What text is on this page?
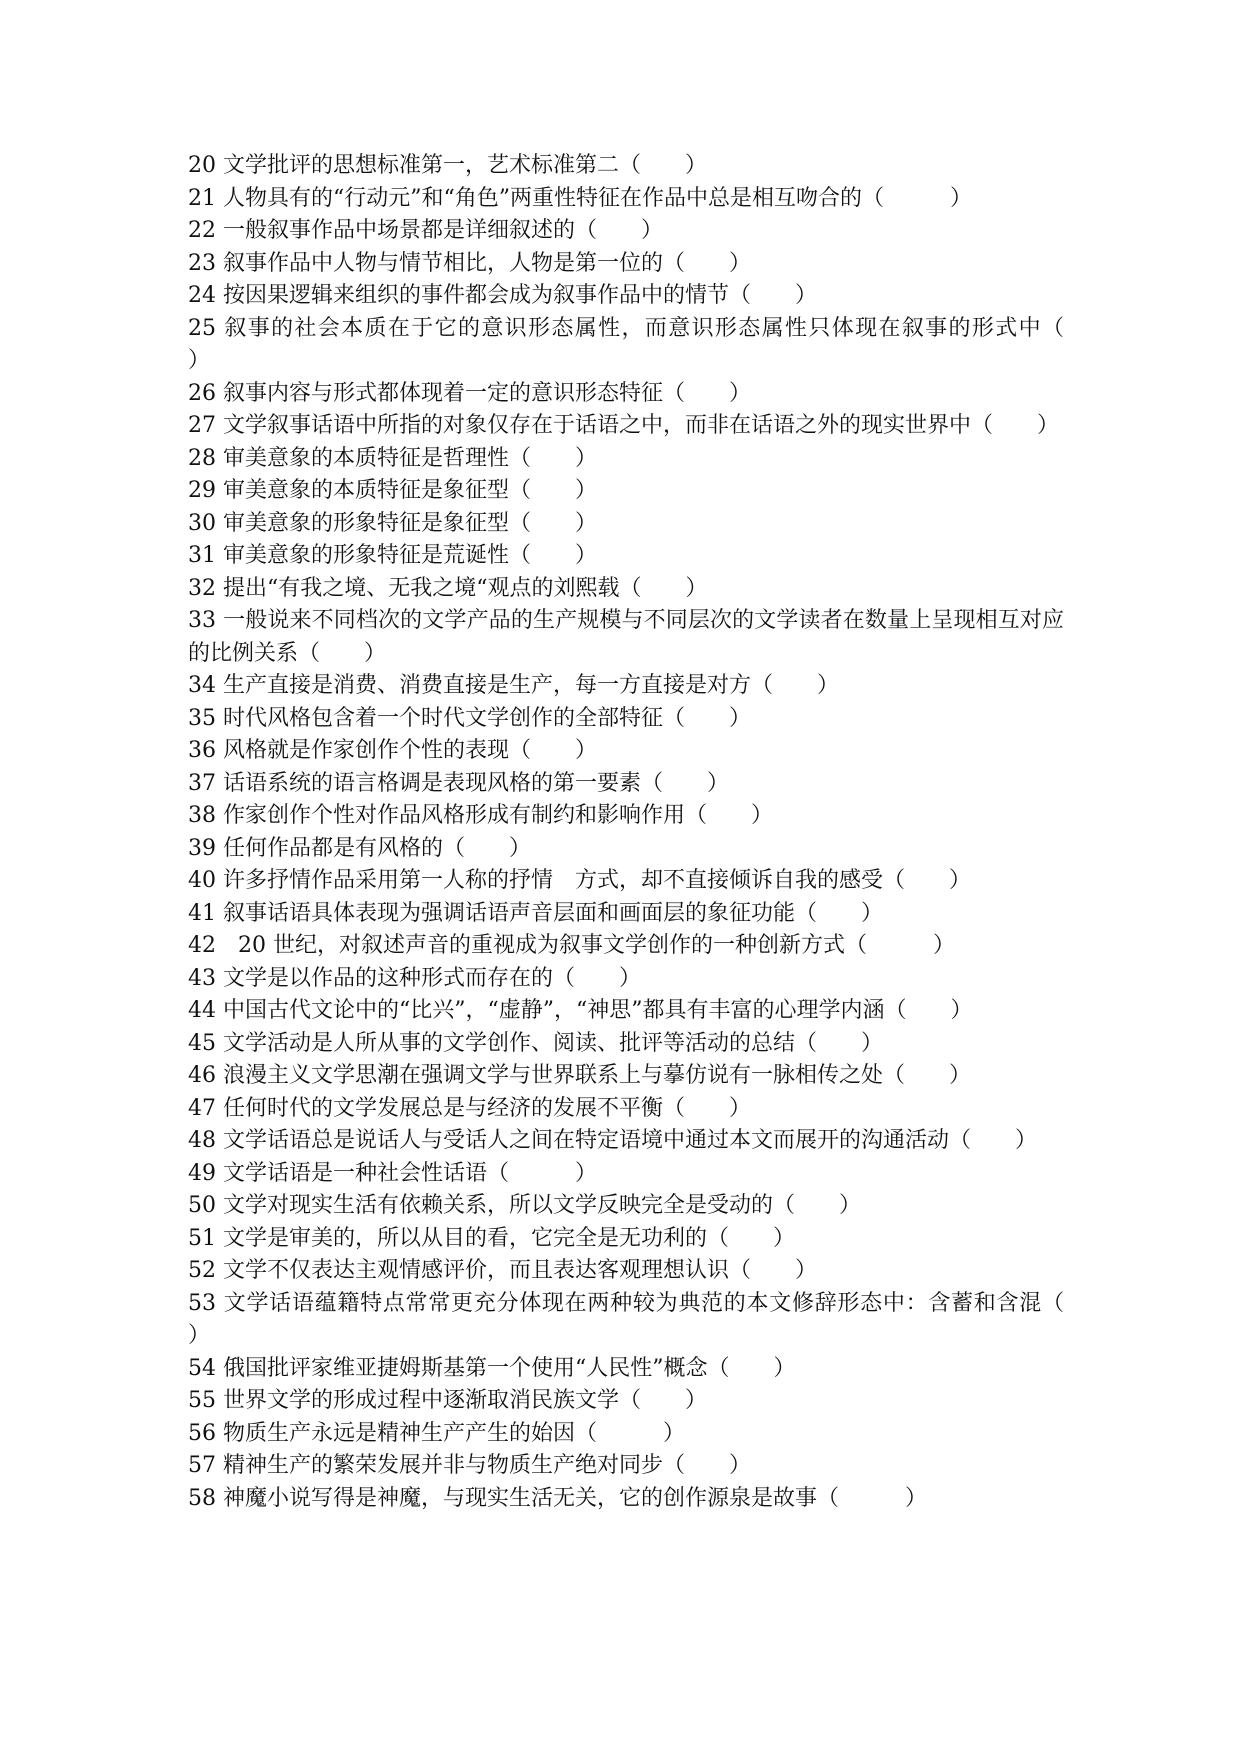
20 文学批评的思想标准第一，艺术标准第二（　　）
21 人物具有的“行动元”和“角色”两重性特征在作品中总是相互吻合的（　　　）
22 一般叙事作品中场景都是详细叙述的（　　）
23 叙事作品中人物与情节相比，人物是第一位的（　　）
24 按因果逻辑来组织的事件都会成为叙事作品中的情节（　　）
25 叙事的社会本质在于它的意识形态属性，而意识形态属性只体现在叙事的形式中（　　）
26 叙事内容与形式都体现着一定的意识形态特征（　　）
27 文学叙事话语中所指的对象仅存在于话语之中，而非在话语之外的现实世界中（　　）
28 审美意象的本质特征是哲理性（　　）
29 审美意象的本质特征是象征型（　　）
30 审美意象的形象特征是象征型（　　）
31 审美意象的形象特征是荒诞性（　　）
32 提出“有我之境、无我之境“观点的刘熙载（　　）
33 一般说来不同档次的文学产品的生产规模与不同层次的文学读者在数量上呈现相互对应的比例关系（　　）
34 生产直接是消费、消费直接是生产，每一方直接是对方（　　）
35 时代风格包含着一个时代文学创作的全部特征（　　）
36 风格就是作家创作个性的表现（　　）
37 话语系统的语言格调是表现风格的第一要素（　　）
38 作家创作个性对作品风格形成有制约和影响作用（　　）
39 任何作品都是有风格的（　　）
40 许多抒情作品采用第一人称的抒情　方式，却不直接倾诉自我的感受（　　）
41 叙事话语具体表现为强调话语声音层面和画面层的象征功能（　　）
42　20 世纪，对叙述声音的重视成为叙事文学创作的一种创新方式（　　　）
43 文学是以作品的这种形式而存在的（　　）
44 中国古代文论中的“比兴”，“虚静”，“神思”都具有丰富的心理学内涵（　　）
45 文学活动是人所从事的文学创作、阅读、批评等活动的总结（　　）
46 浪漫主义文学思潮在强调文学与世界联系上与摹仿说有一脉相传之处（　　）
47 任何时代的文学发展总是与经济的发展不平衡（　　）
48 文学话语总是说话人与受话人之间在特定语境中通过本文而展开的沟通活动（　　）
49 文学话语是一种社会性话语（　　　）
50 文学对现实生活有依赖关系，所以文学反映完全是受动的（　　）
51 文学是审美的，所以从目的看，它完全是无功利的（　　）
52 文学不仅表达主观情感评价，而且表达客观理想认识（　　）
53 文学话语蕴籍特点常常更充分体现在两种较为典范的本文修辞形态中：含蓄和含混（　　）
54 俄国批评家维亚捷姆斯基第一个使用“人民性”概念（　　）
55 世界文学的形成过程中逐渐取消民族文学（　　）
56 物质生产永远是精神生产产生的始因（　　　）
57 精神生产的繁荣发展并非与物质生产绝对同步（　　）
58 神魔小说写得是神魔，与现实生活无关，它的创作源泉是故事（　　　）
